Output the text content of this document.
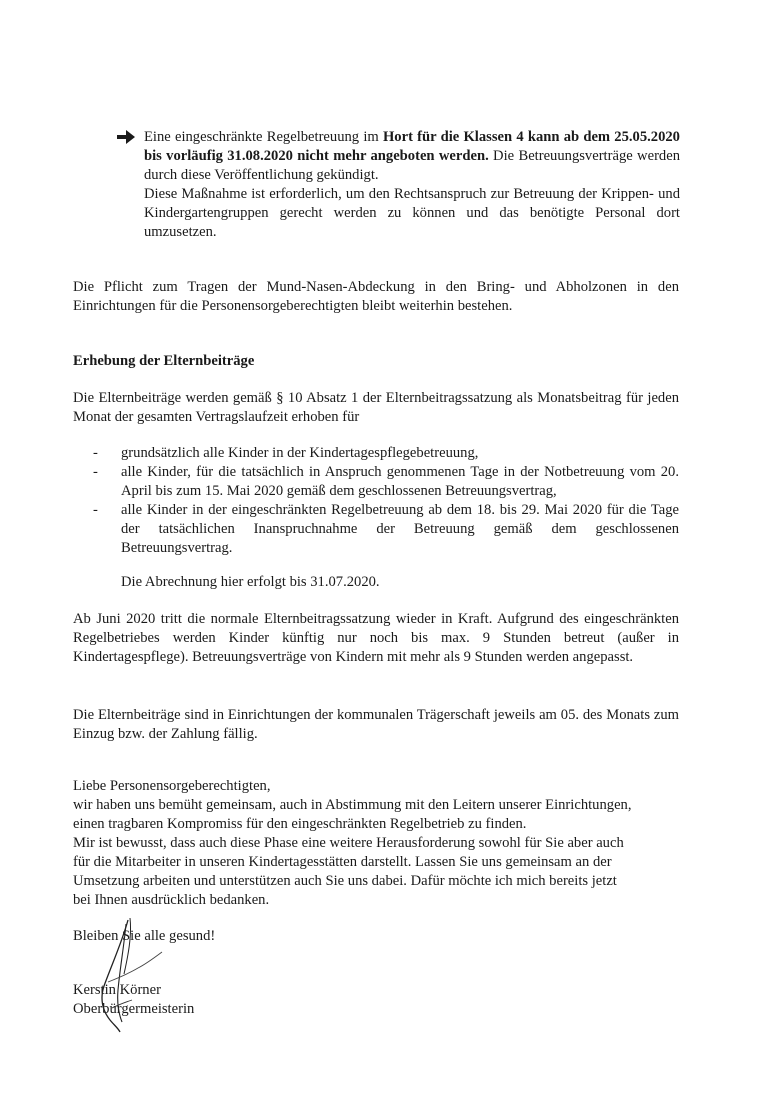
Eine eingeschränkte Regelbetreuung im Hort für die Klassen 4 kann ab dem 25.05.2020 bis vorläufig 31.08.2020 nicht mehr angeboten werden. Die Betreuungsverträge werden durch diese Veröffentlichung gekündigt.
Diese Maßnahme ist erforderlich, um den Rechtsanspruch zur Betreuung der Krippen- und Kindergartengruppen gerecht werden zu können und das benötigte Personal dort umzusetzen.

Die Pflicht zum Tragen der Mund-Nasen-Abdeckung in den Bring- und Abholzonen in den Einrichtungen für die Personensorgeberechtigten bleibt weiterhin bestehen.

Erhebung der Elternbeiträge

Die Elternbeiträge werden gemäß § 10 Absatz 1 der Elternbeitragssatzung als Monatsbeitrag für jeden Monat der gesamten Vertragslaufzeit erhoben für

- grundsätzlich alle Kinder in der Kindertagespflegebetreuung,
- alle Kinder, für die tatsächlich in Anspruch genommenen Tage in der Notbetreuung vom 20. April bis zum 15. Mai 2020 gemäß dem geschlossenen Betreuungsvertrag,
- alle Kinder in der eingeschränkten Regelbetreuung ab dem 18. bis 29. Mai 2020 für die Tage der tatsächlichen Inanspruchnahme der Betreuung gemäß dem geschlossenen Betreuungsvertrag.

Die Abrechnung hier erfolgt bis 31.07.2020.

Ab Juni 2020 tritt die normale Elternbeitragssatzung wieder in Kraft. Aufgrund des eingeschränkten Regelbetriebes werden Kinder künftig nur noch bis max. 9 Stunden betreut (außer in Kindertagespflege). Betreuungsverträge von Kindern mit mehr als 9 Stunden werden angepasst.

Die Elternbeiträge sind in Einrichtungen der kommunalen Trägerschaft jeweils am 05. des Monats zum Einzug bzw. der Zahlung fällig.

Liebe Personensorgeberechtigten,
wir haben uns bemüht gemeinsam, auch in Abstimmung mit den Leitern unserer Einrichtungen,
einen tragbaren Kompromiss für den eingeschränkten Regelbetrieb zu finden.
Mir ist bewusst, dass auch diese Phase eine weitere Herausforderung sowohl für Sie aber auch
für die Mitarbeiter in unseren Kindertagesstätten darstellt. Lassen Sie uns gemeinsam an der
Umsetzung arbeiten und unterstützen auch Sie uns dabei. Dafür möchte ich mich bereits jetzt
bei Ihnen ausdrücklich bedanken.

Bleiben Sie alle gesund!

Kerstin Körner
Oberbürgermeisterin
